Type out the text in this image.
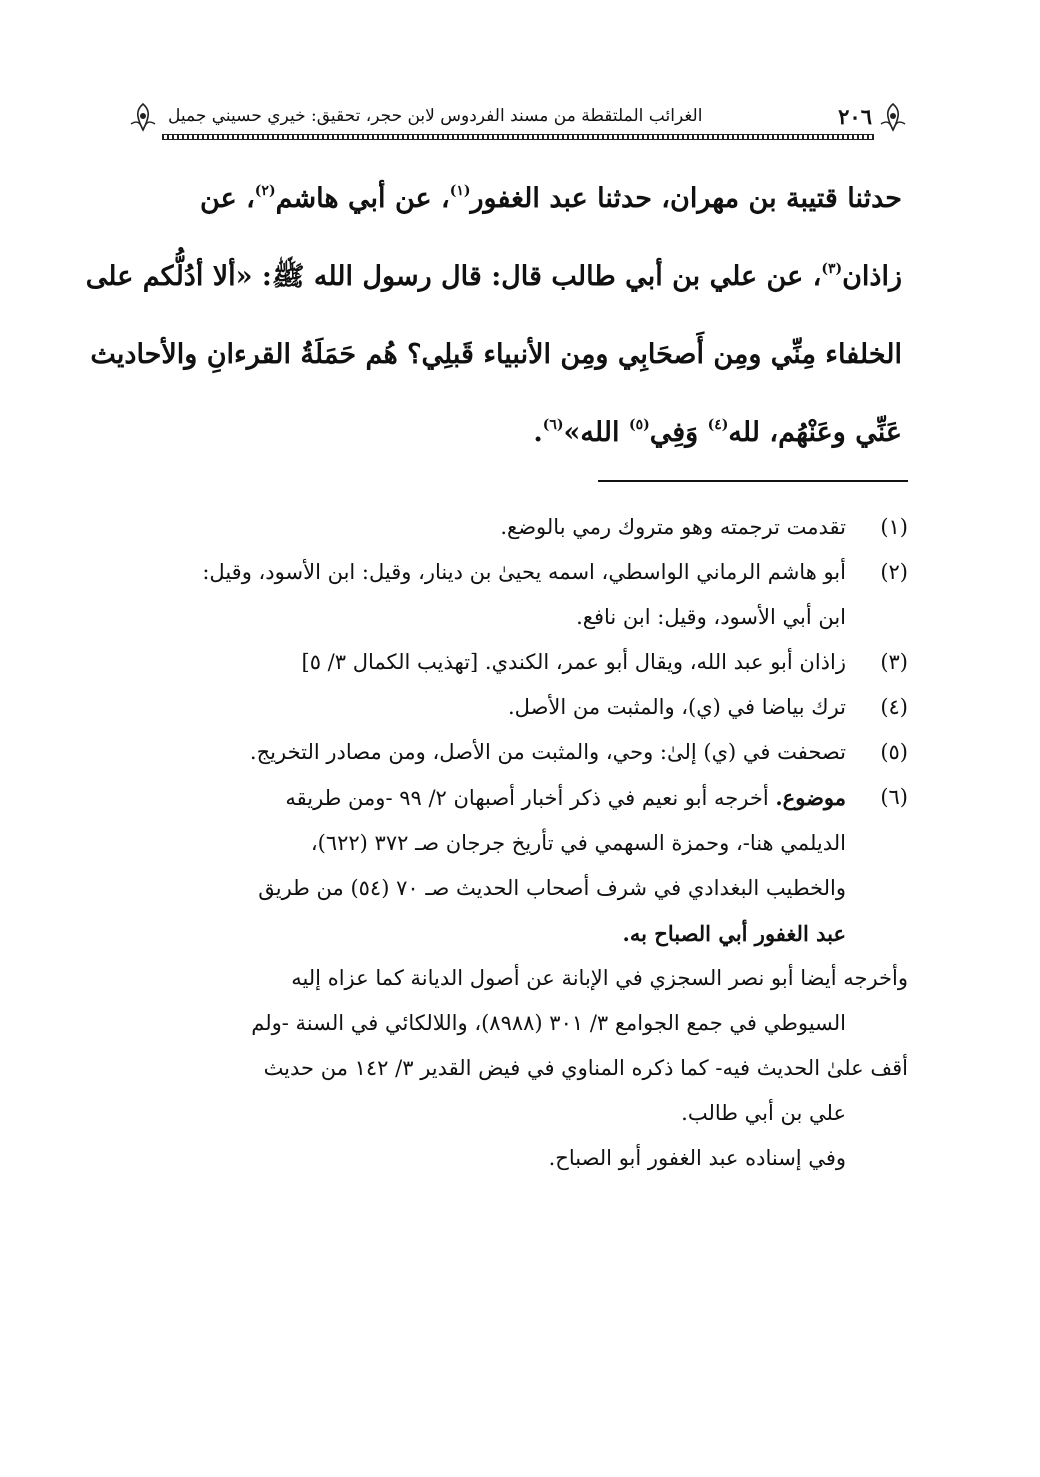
٢٠٦
الغرائب الملتقطة من مسند الفردوس لابن حجر، تحقيق: خيري حسيني جميل
حدثنا قتيبة بن مهران، حدثنا عبد الغفور$^{(١)}$، عن أبي هاشم$^{(٢)}$، عن
زاذان$^{(٣)}$، عن علي بن أبي طالب قال: قال رسول الله ﷺ: «ألا أدُلُّكم على
الخلفاء مِنِّي ومِن أَصحَابِي ومِن الأنبياء قَبلِي؟ هُم حَمَلَةُ القرءانِ والأحاديث
عَنِّي وعَنْهُم، لله$^{(٤)}$ وَفِي$^{(٥)}$ الله»$^{(٦)}$.
(١)
تقدمت ترجمته وهو متروك رمي بالوضع.
(٢)
أبو هاشم الرماني الواسطي، اسمه يحيىٰ بن دينار، وقيل: ابن الأسود، وقيل:
ابن أبي الأسود، وقيل: ابن نافع.
(٣)
زاذان أبو عبد الله، ويقال أبو عمر، الكندي. [تهذيب الكمال ٣/ ٥]
(٤)
ترك بياضا في (ي)، والمثبت من الأصل.
(٥)
تصحفت في (ي) إلىٰ: وحي، والمثبت من الأصل، ومن مصادر التخريج.
(٦)
موضوع. أخرجه أبو نعيم في ذكر أخبار أصبهان ٢/ ٩٩ -ومن طريقه
الديلمي هنا-، وحمزة السهمي في تأريخ جرجان صـ ٣٧٢ (٦٢٢)،
والخطيب البغدادي في شرف أصحاب الحديث صـ ٧٠ (٥٤) من طريق
عبد الغفور أبي الصباح به.
وأخرجه أيضا أبو نصر السجزي في الإبانة عن أصول الديانة كما عزاه إليه
السيوطي في جمع الجوامع ٣/ ٣٠١ (٨٩٨٨)، واللالكائي في السنة -ولم
أقف علىٰ الحديث فيه- كما ذكره المناوي في فيض القدير ٣/ ١٤٢ من حديث
علي بن أبي طالب.
وفي إسناده عبد الغفور أبو الصباح.
